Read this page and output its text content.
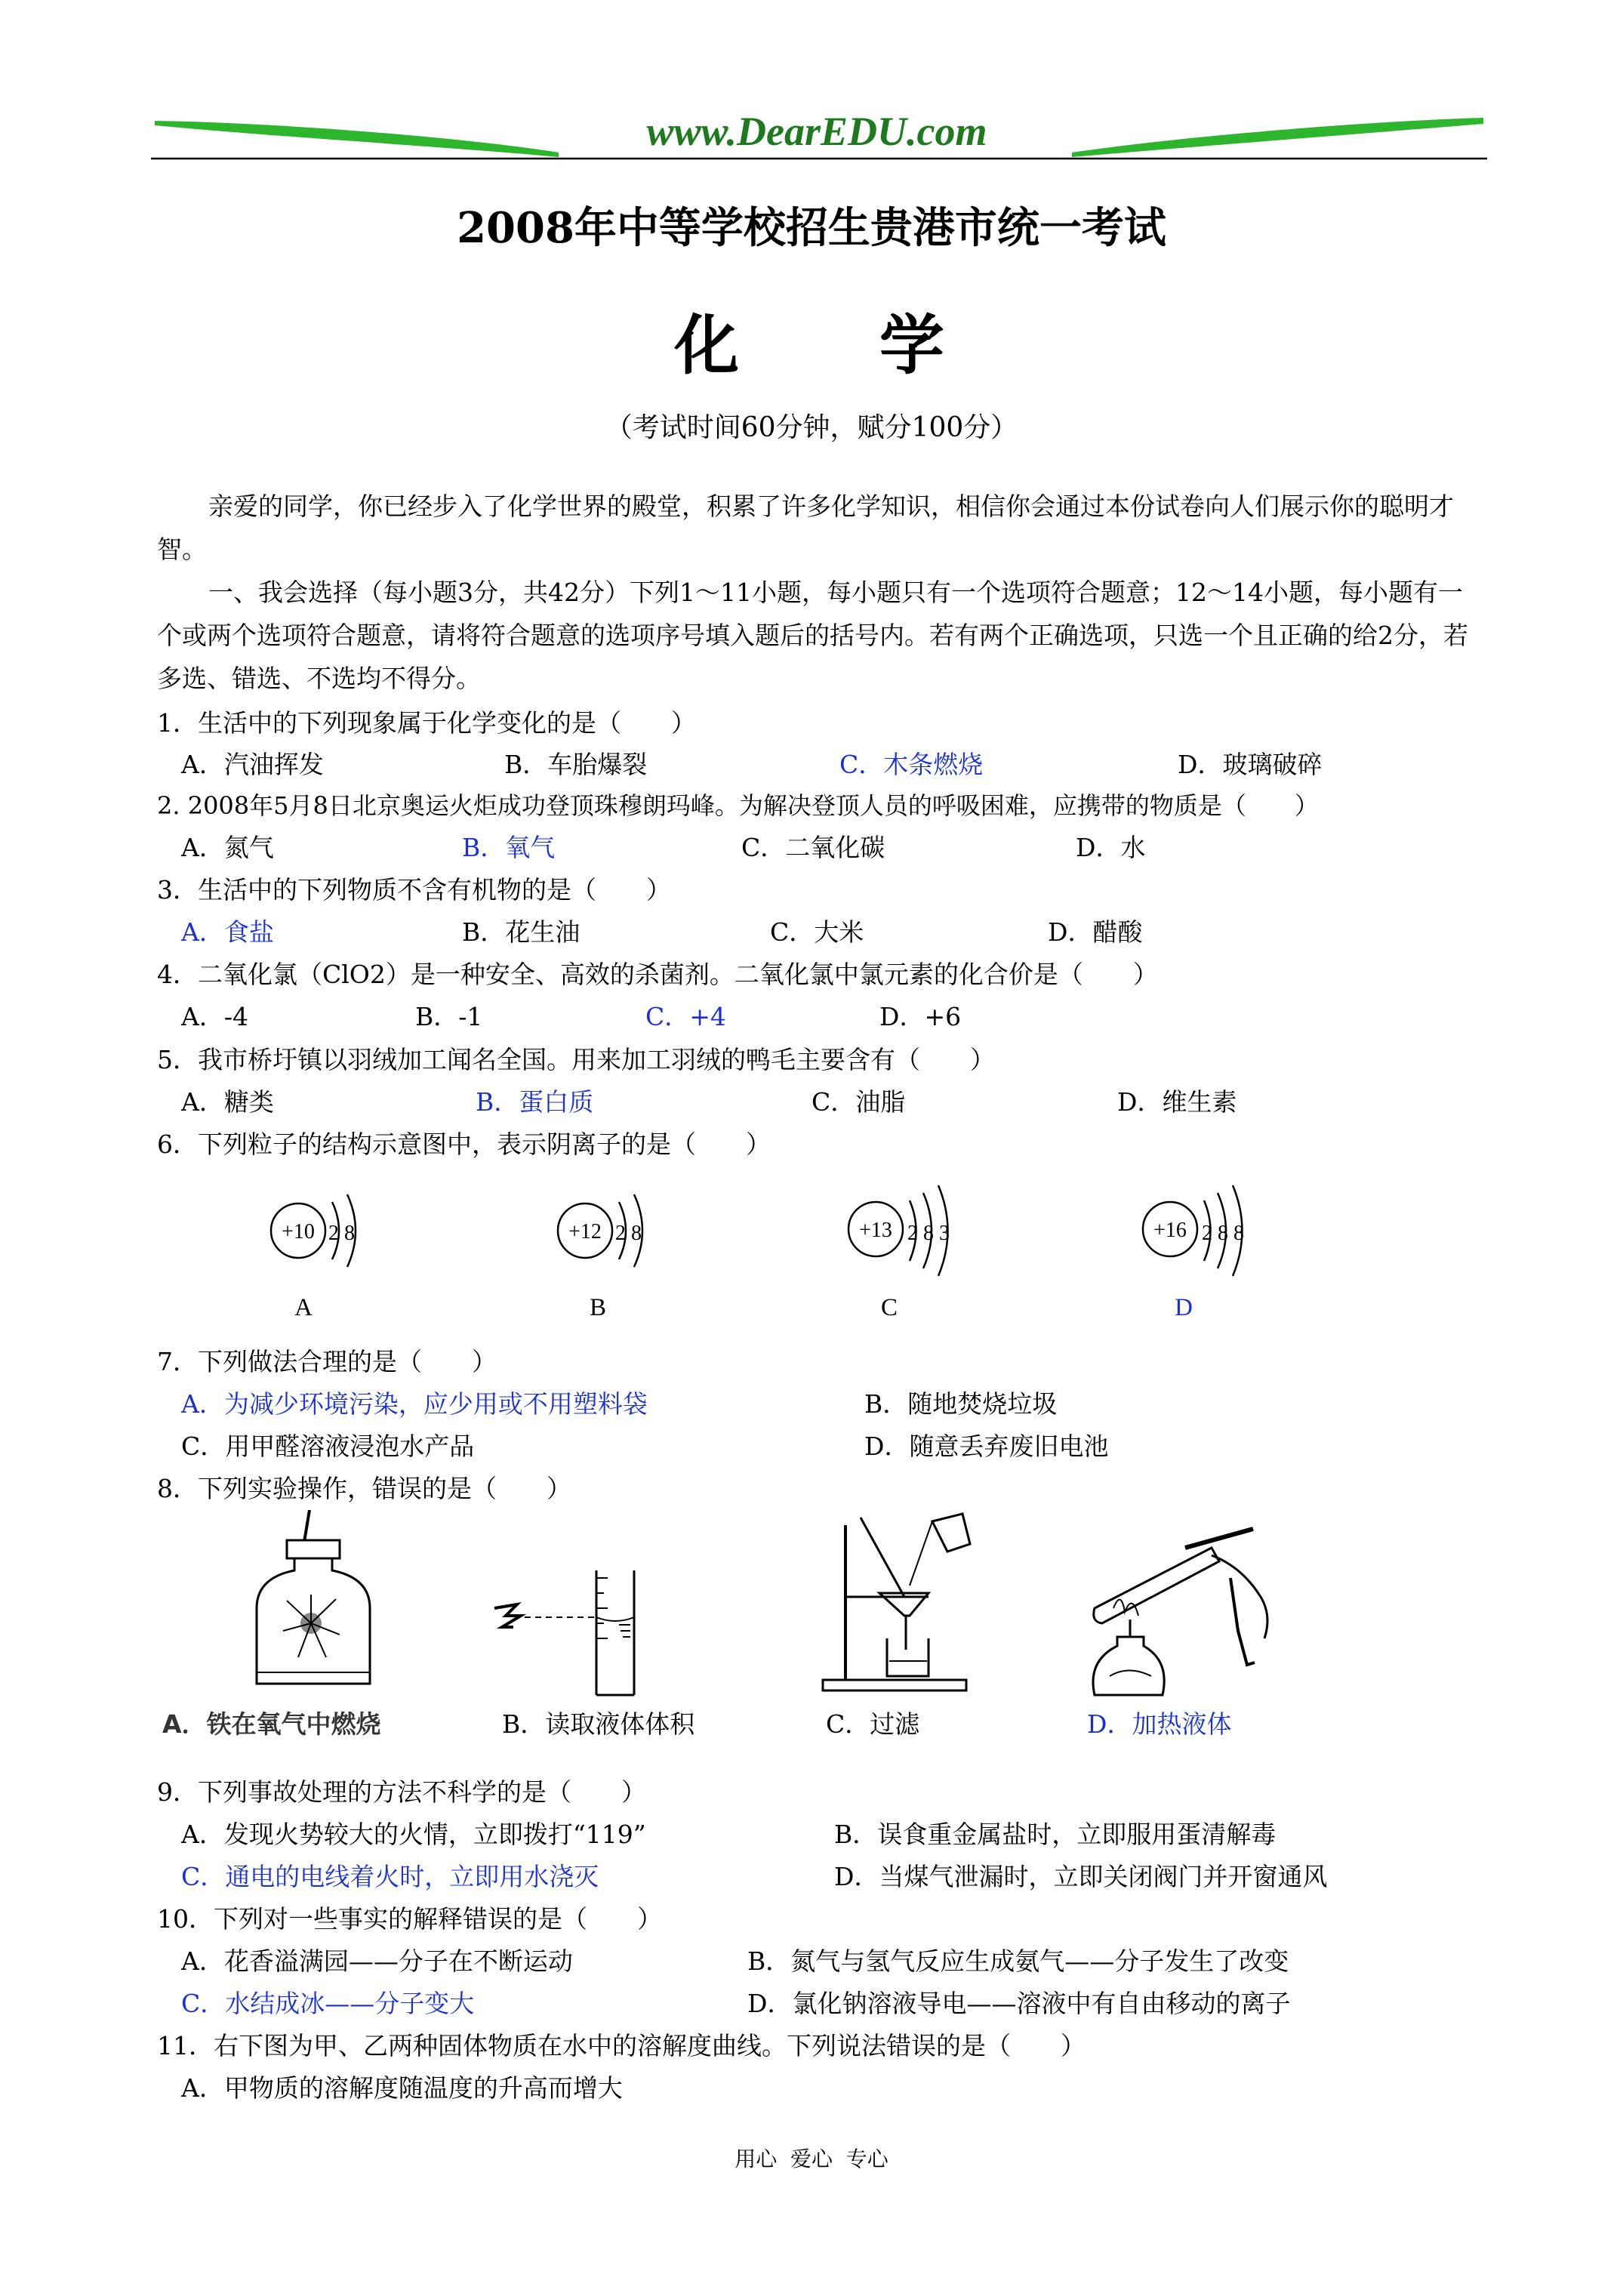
www.DearEDU.com
2008年中等学校招生贵港市统一考试
化     学
（考试时间60分钟，赋分100分）
亲爱的同学，你已经步入了化学世界的殿堂，积累了许多化学知识，相信你会通过本份试卷向人们展示你的聪明才智。
一、我会选择（每小题3分，共42分）下列1～11小题，每小题只有一个选项符合题意；12～14小题，每小题有一个或两个选项符合题意，请将符合题意的选项序号填入题后的括号内。若有两个正确选项，只选一个且正确的给2分，若多选、错选、不选均不得分。
1．生活中的下列现象属于化学变化的是（　　）
A．汽油挥发	B．车胎爆裂	C．木条燃烧	D．玻璃破碎
2. 2008年5月8日北京奥运火炬成功登顶珠穆朗玛峰。为解决登顶人员的呼吸困难，应携带的物质是（　　）
A．氮气	B．氧气	C．二氧化碳	D．水
3．生活中的下列物质不含有机物的是（　　）
A．食盐	B．花生油	C．大米	D．醋酸
4．二氧化氯（ClO2）是一种安全、高效的杀菌剂。二氧化氯中氯元素的化合价是（　　）
A．-4	B．-1	C．+4	D．+6
5．我市桥圩镇以羽绒加工闻名全国。用来加工羽绒的鸭毛主要含有（　　）
A．糖类	B．蛋白质	C．油脂	D．维生素
6．下列粒子的结构示意图中，表示阴离子的是（　　）
+10 2 8
A
+12 2 8
B
+13 2 8 3
C
+16 2 8 8
D
7．下列做法合理的是（　　）
A．为减少环境污染，应少用或不用塑料袋	B．随地焚烧垃圾
C．用甲醛溶液浸泡水产品	D．随意丢弃废旧电池
8．下列实验操作，错误的是（　　）
A．铁在氧气中燃烧	B．读取液体体积	C．过滤	D．加热液体
9．下列事故处理的方法不科学的是（　　）
A．发现火势较大的火情，立即拨打“119”	B．误食重金属盐时，立即服用蛋清解毒
C．通电的电线着火时，立即用水浇灭	D．当煤气泄漏时，立即关闭阀门并开窗通风
10．下列对一些事实的解释错误的是（　　）
A．花香溢满园——分子在不断运动	B．氮气与氢气反应生成氨气——分子发生了改变
C．水结成冰——分子变大	D．氯化钠溶液导电——溶液中有自由移动的离子
11．右下图为甲、乙两种固体物质在水中的溶解度曲线。下列说法错误的是（　　）
A．甲物质的溶解度随温度的升高而增大
用心  爱心  专心
